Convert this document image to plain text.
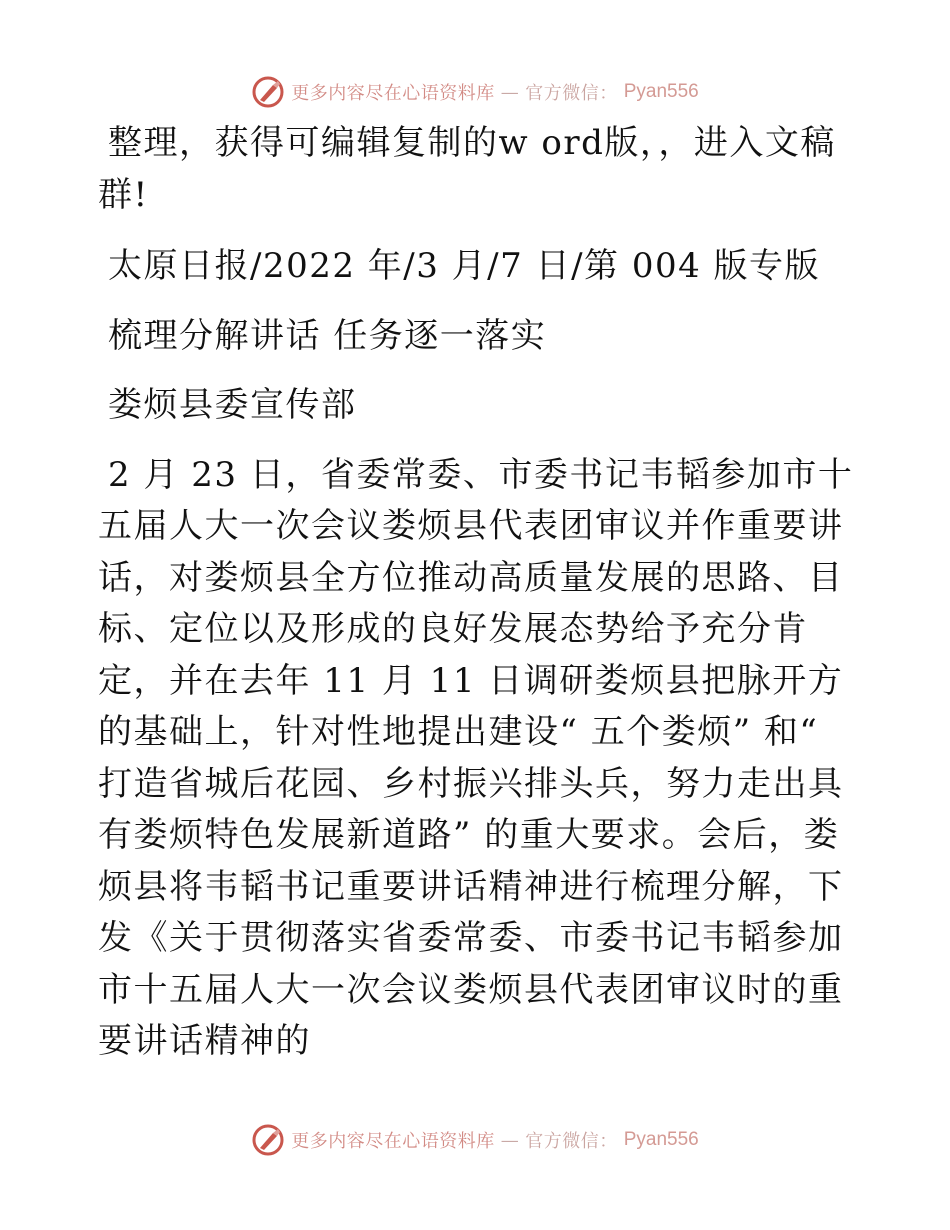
更多内容尽在心语资料库 — 官方微信： Pyan556

整理，获得可编辑复制的w ord版，，进入文稿群!

太原日报/2022 年/3 月/7 日/第 004 版专版

梳理分解讲话 任务逐一落实

娄烦县委宣传部

2 月 23 日，省委常委、市委书记韦韬参加市十五届人大一次会议娄烦县代表团审议并作重要讲话，对娄烦县全方位推动高质量发展的思路、目标、定位以及形成的良好发展态势给予充分肯定，并在去年 11 月 11 日调研娄烦县把脉开方的基础上，针对性地提出建设“ 五个娄烦” 和“ 打造省城后花园、乡村振兴排头兵，努力走出具有娄烦特色发展新道路” 的重大要求。会后，娄烦县将韦韬书记重要讲话精神进行梳理分解，下发《关于贯彻落实省委常委、市委书记韦韬参加市十五届人大一次会议娄烦县代表团审议时的重要讲话精神的

更多内容尽在心语资料库 — 官方微信： Pyan556
